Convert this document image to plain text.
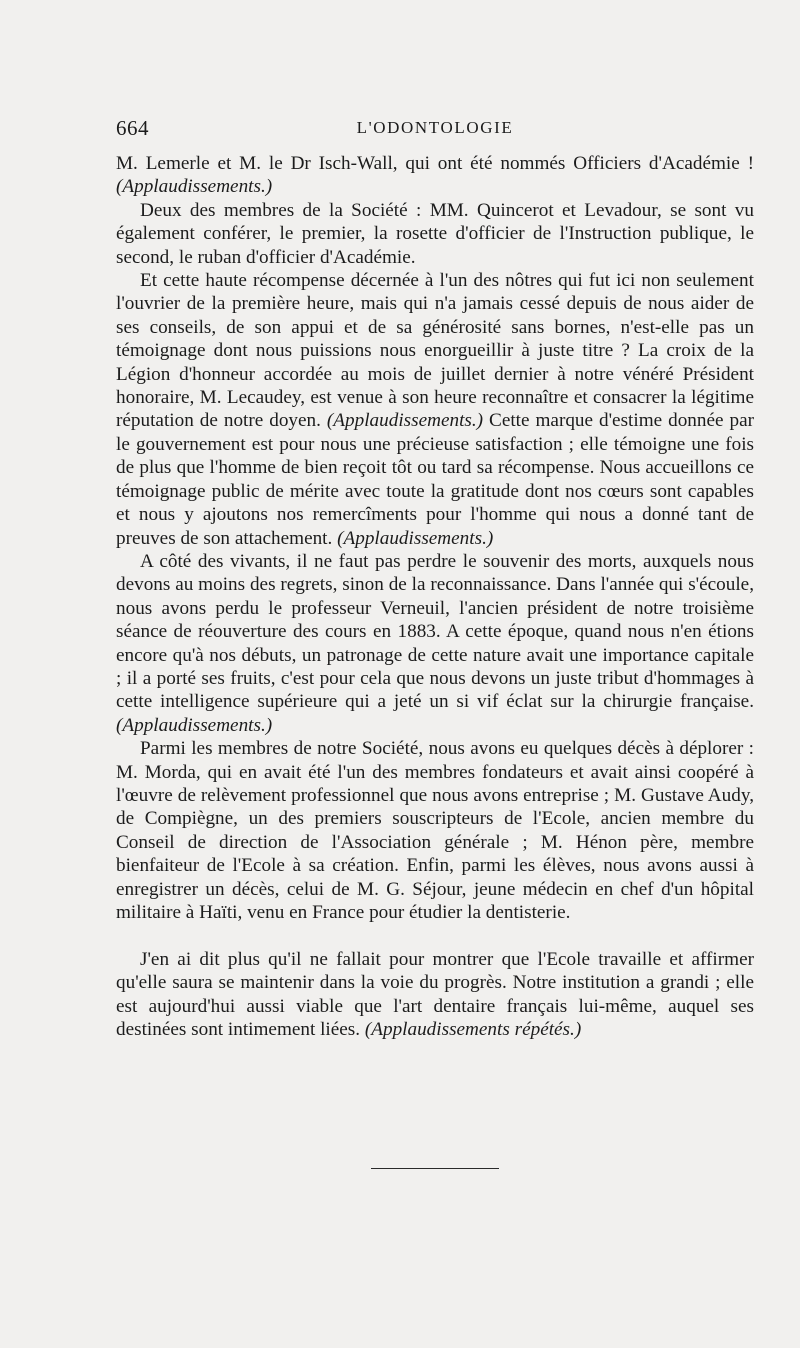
664	L'ODONTOLOGIE

M. Lemerle et M. le Dr Isch-Wall, qui ont été nommés Officiers d'Académie ! (Applaudissements.)

Deux des membres de la Société : MM. Quincerot et Levadour, se sont vu également conférer, le premier, la rosette d'officier de l'Instruction publique, le second, le ruban d'officier d'Académie.

Et cette haute récompense décernée à l'un des nôtres qui fut ici non seulement l'ouvrier de la première heure, mais qui n'a jamais cessé depuis de nous aider de ses conseils, de son appui et de sa générosité sans bornes, n'est-elle pas un témoignage dont nous puissions nous enorgueillir à juste titre ? La croix de la Légion d'honneur accordée au mois de juillet dernier à notre vénéré Président honoraire, M. Lecaudey, est venue à son heure reconnaître et consacrer la légitime réputation de notre doyen. (Applaudissements.) Cette marque d'estime donnée par le gouvernement est pour nous une précieuse satisfaction ; elle témoigne une fois de plus que l'homme de bien reçoit tôt ou tard sa récompense. Nous accueillons ce témoignage public de mérite avec toute la gratitude dont nos cœurs sont capables et nous y ajoutons nos remercîments pour l'homme qui nous a donné tant de preuves de son attachement. (Applaudissements.)

A côté des vivants, il ne faut pas perdre le souvenir des morts, auxquels nous devons au moins des regrets, sinon de la reconnaissance. Dans l'année qui s'écoule, nous avons perdu le professeur Verneuil, l'ancien président de notre troisième séance de réouverture des cours en 1883. A cette époque, quand nous n'en étions encore qu'à nos débuts, un patronage de cette nature avait une importance capitale ; il a porté ses fruits, c'est pour cela que nous devons un juste tribut d'hommages à cette intelligence supérieure qui a jeté un si vif éclat sur la chirurgie française. (Applaudissements.)

Parmi les membres de notre Société, nous avons eu quelques décès à déplorer : M. Morda, qui en avait été l'un des membres fondateurs et avait ainsi coopéré à l'œuvre de relèvement professionnel que nous avons entreprise ; M. Gustave Audy, de Compiègne, un des premiers souscripteurs de l'Ecole, ancien membre du Conseil de direction de l'Association générale ; M. Hénon père, membre bienfaiteur de l'Ecole à sa création. Enfin, parmi les élèves, nous avons aussi à enregistrer un décès, celui de M. G. Séjour, jeune médecin en chef d'un hôpital militaire à Haïti, venu en France pour étudier la dentisterie.

J'en ai dit plus qu'il ne fallait pour montrer que l'Ecole travaille et affirmer qu'elle saura se maintenir dans la voie du progrès. Notre institution a grandi ; elle est aujourd'hui aussi viable que l'art dentaire français lui-même, auquel ses destinées sont intimement liées. (Applaudissements répétés.)
